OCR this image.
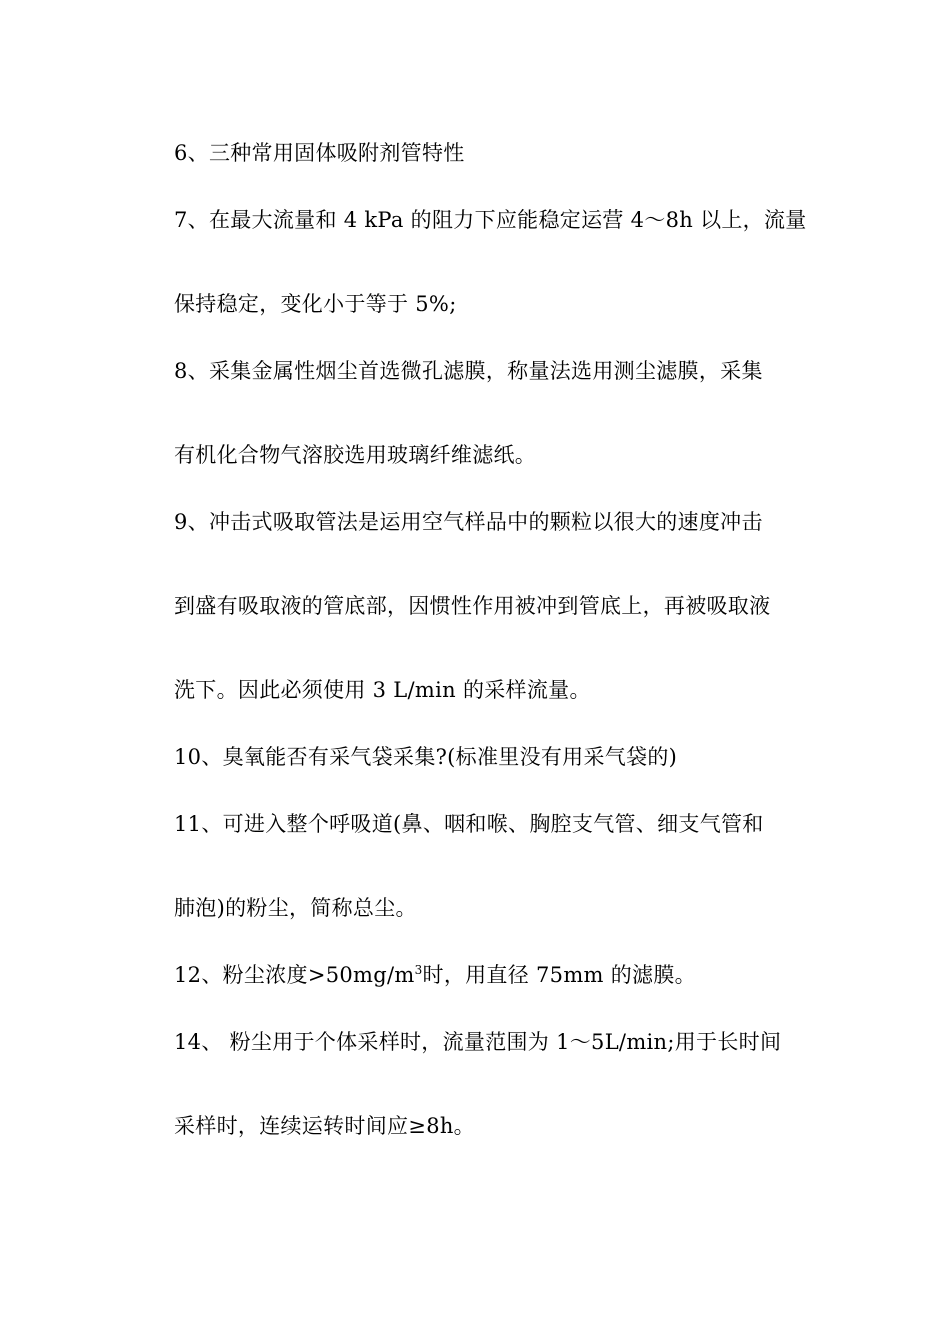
6、三种常用固体吸附剂管特性
7、在最大流量和 4 kPa 的阻力下应能稳定运营 4～8h 以上，流量
保持稳定，变化小于等于 5%;
8、采集金属性烟尘首选微孔滤膜，称量法选用测尘滤膜，采集
有机化合物气溶胶选用玻璃纤维滤纸。
9、冲击式吸取管法是运用空气样品中的颗粒以很大的速度冲击
到盛有吸取液的管底部，因惯性作用被冲到管底上，再被吸取液
洗下。因此必须使用 3 L/min 的采样流量。
10、臭氧能否有采气袋采集?(标准里没有用采气袋的)
11、可进入整个呼吸道(鼻、咽和喉、胸腔支气管、细支气管和
肺泡)的粉尘，简称总尘。
12、粉尘浓度$>50mg/m^3$时，用直径 75mm 的滤膜。
14、 粉尘用于个体采样时，流量范围为 1～5L/min;用于长时间
采样时，连续运转时间应≥8h。
